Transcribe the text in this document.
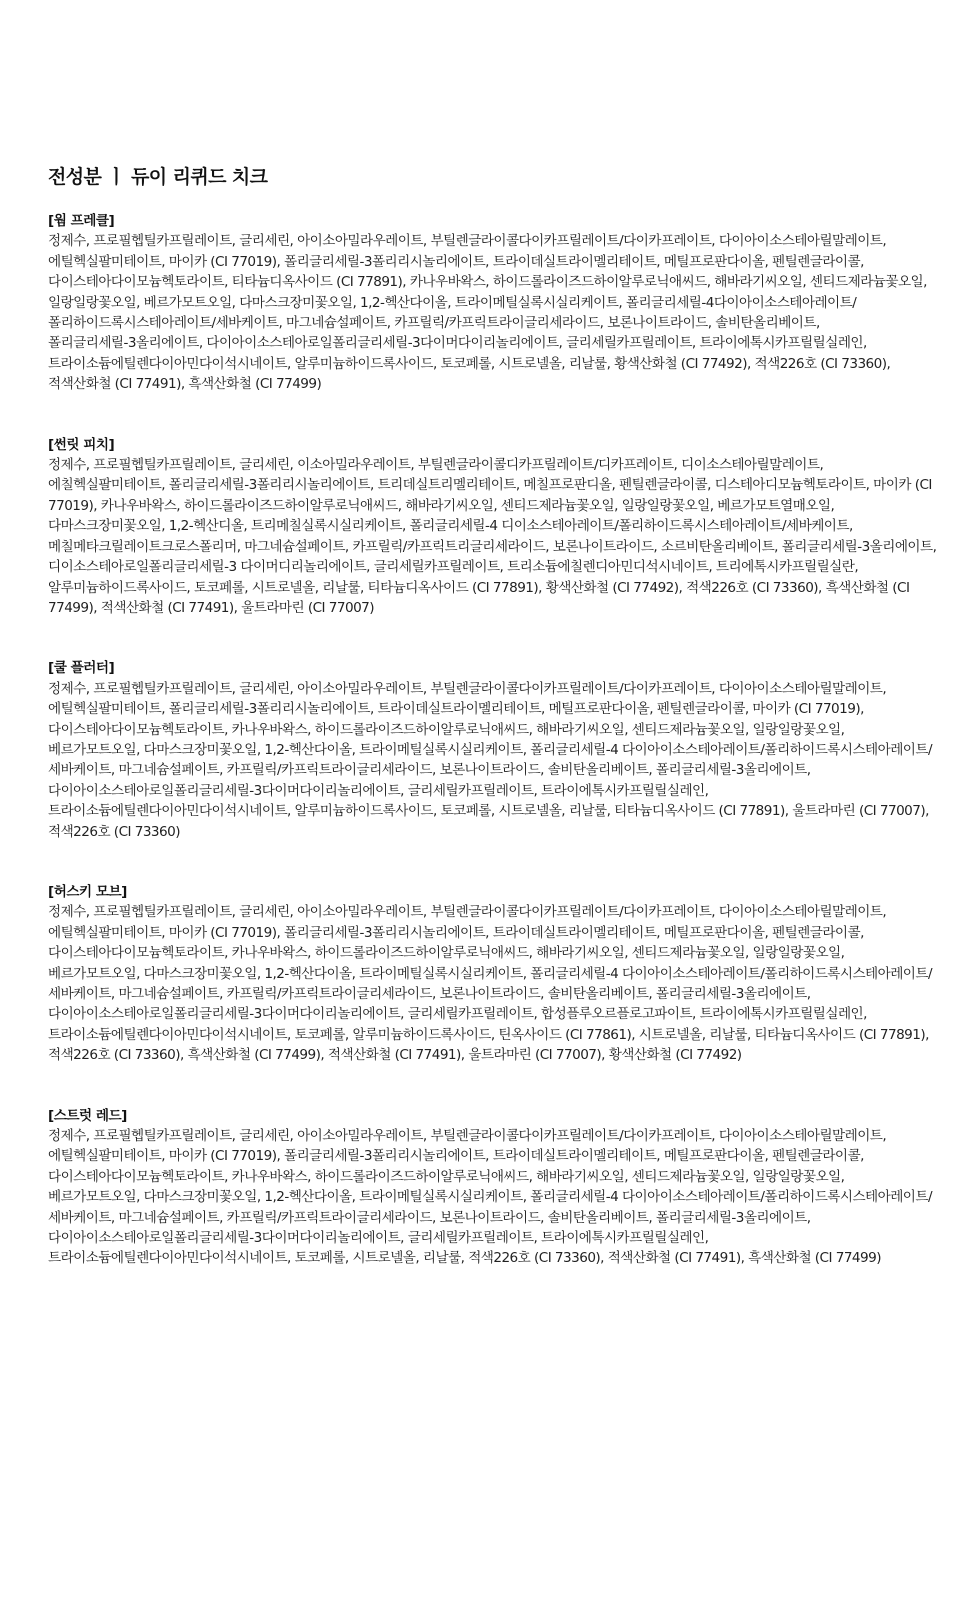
전성분 ㅣ 듀이 리퀴드 치크
[웜 프레클]
정제수, 프로필헵틸카프릴레이트, 글리세린, 아이소아밀라우레이트, 부틸렌글라이콜다이카프릴레이트/다이카프레이트, 다이아이소스테아릴말레이트, 에틸헥실팔미테이트, 마이카 (CI 77019), 폴리글리세릴-3폴리리시놀리에이트, 트라이데실트라이멜리테이트, 메틸프로판다이올, 펜틸렌글라이콜, 다이스테아다이모늄헥토라이트, 티타늄디옥사이드 (CI 77891), 카나우바왁스, 하이드롤라이즈드하이알루로닉애씨드, 해바라기씨오일, 센티드제라늄꽃오일, 일랑일랑꽃오일, 베르가모트오일, 다마스크장미꽃오일, 1,2-헥산다이올, 트라이메틸실록시실리케이트, 폴리글리세릴-4다이아이소스테아레이트/폴리하이드록시스테아레이트/세바케이트, 마그네슘설페이트, 카프릴릭/카프릭트라이글리세라이드, 보론나이트라이드, 솔비탄올리베이트, 폴리글리세릴-3올리에이트, 다이아이소스테아로일폴리글리세릴-3다이머다이리놀리에이트, 글리세릴카프릴레이트, 트라이에톡시카프릴릴실레인, 트라이소듐에틸렌다이아민다이석시네이트, 알루미늄하이드록사이드, 토코페롤, 시트로넬올, 리날룰, 황색산화철 (CI 77492), 적색226호 (CI 73360), 적색산화철 (CI 77491), 흑색산화철 (CI 77499)
[썬릿 피치]
정제수, 프로필헵틸카프릴레이트, 글리세린, 이소아밀라우레이트, 부틸렌글라이콜디카프릴레이트/디카프레이트, 디이소스테아릴말레이트, 에칠헥실팔미테이트, 폴리글리세릴-3폴리리시놀리에이트, 트리데실트리멜리테이트, 메칠프로판디올, 펜틸렌글라이콜, 디스테아디모늄헥토라이트, 마이카 (CI 77019), 카나우바왁스, 하이드롤라이즈드하이알루로닉애씨드, 해바라기씨오일, 센티드제라늄꽃오일, 일랑일랑꽃오일, 베르가모트열매오일, 다마스크장미꽃오일, 1,2-헥산디올, 트리메칠실록시실리케이트, 폴리글리세릴-4 디이소스테아레이트/폴리하이드록시스테아레이트/세바케이트, 메칠메타크릴레이트크로스폴리머, 마그네슘설페이트, 카프릴릭/카프릭트리글리세라이드, 보론나이트라이드, 소르비탄올리베이트, 폴리글리세릴-3올리에이트, 디이소스테아로일폴리글리세릴-3 다이머디리놀리에이트, 글리세릴카프릴레이트, 트리소듐에칠렌디아민디석시네이트, 트리에톡시카프릴릴실란, 알루미늄하이드록사이드, 토코페롤, 시트로넬올, 리날룰, 티타늄디옥사이드 (CI 77891), 황색산화철 (CI 77492), 적색226호 (CI 73360), 흑색산화철 (CI 77499), 적색산화철 (CI 77491), 울트라마린 (CI 77007)
[쿨 플러터]
정제수, 프로필헵틸카프릴레이트, 글리세린, 아이소아밀라우레이트, 부틸렌글라이콜다이카프릴레이트/다이카프레이트, 다이아이소스테아릴말레이트, 에틸헥실팔미테이트, 폴리글리세릴-3폴리리시놀리에이트, 트라이데실트라이멜리테이트, 메틸프로판다이올, 펜틸렌글라이콜, 마이카 (CI 77019), 다이스테아다이모늄헥토라이트, 카나우바왁스, 하이드롤라이즈드하이알루로닉애씨드, 해바라기씨오일, 센티드제라늄꽃오일, 일랑일랑꽃오일, 베르가모트오일, 다마스크장미꽃오일, 1,2-헥산다이올, 트라이메틸실록시실리케이트, 폴리글리세릴-4 다이아이소스테아레이트/폴리하이드록시스테아레이트/세바케이트, 마그네슘설페이트, 카프릴릭/카프릭트라이글리세라이드, 보론나이트라이드, 솔비탄올리베이트, 폴리글리세릴-3올리에이트, 다이아이소스테아로일폴리글리세릴-3다이머다이리놀리에이트, 글리세릴카프릴레이트, 트라이에톡시카프릴릴실레인, 트라이소듐에틸렌다이아민다이석시네이트, 알루미늄하이드록사이드, 토코페롤, 시트로넬올, 리날룰, 티타늄디옥사이드 (CI 77891), 울트라마린 (CI 77007), 적색226호 (CI 73360)
[허스키 모브]
정제수, 프로필헵틸카프릴레이트, 글리세린, 아이소아밀라우레이트, 부틸렌글라이콜다이카프릴레이트/다이카프레이트, 다이아이소스테아릴말레이트, 에틸헥실팔미테이트, 마이카 (CI 77019), 폴리글리세릴-3폴리리시놀리에이트, 트라이데실트라이멜리테이트, 메틸프로판다이올, 펜틸렌글라이콜, 다이스테아다이모늄헥토라이트, 카나우바왁스, 하이드롤라이즈드하이알루로닉애씨드, 해바라기씨오일, 센티드제라늄꽃오일, 일랑일랑꽃오일, 베르가모트오일, 다마스크장미꽃오일, 1,2-헥산다이올, 트라이메틸실록시실리케이트, 폴리글리세릴-4 다이아이소스테아레이트/폴리하이드록시스테아레이트/세바케이트, 마그네슘설페이트, 카프릴릭/카프릭트라이글리세라이드, 보론나이트라이드, 솔비탄올리베이트, 폴리글리세릴-3올리에이트, 다이아이소스테아로일폴리글리세릴-3다이머다이리놀리에이트, 글리세릴카프릴레이트, 합성플루오르플로고파이트, 트라이에톡시카프릴릴실레인, 트라이소듐에틸렌다이아민다이석시네이트, 토코페롤, 알루미늄하이드록사이드, 틴옥사이드 (CI 77861), 시트로넬올, 리날룰, 티타늄디옥사이드 (CI 77891), 적색226호 (CI 73360), 흑색산화철 (CI 77499), 적색산화철 (CI 77491), 울트라마린 (CI 77007), 황색산화철 (CI 77492)
[스트럿 레드]
정제수, 프로필헵틸카프릴레이트, 글리세린, 아이소아밀라우레이트, 부틸렌글라이콜다이카프릴레이트/다이카프레이트, 다이아이소스테아릴말레이트, 에틸헥실팔미테이트, 마이카 (CI 77019), 폴리글리세릴-3폴리리시놀리에이트, 트라이데실트라이멜리테이트, 메틸프로판다이올, 펜틸렌글라이콜, 다이스테아다이모늄헥토라이트, 카나우바왁스, 하이드롤라이즈드하이알루로닉애씨드, 해바라기씨오일, 센티드제라늄꽃오일, 일랑일랑꽃오일, 베르가모트오일, 다마스크장미꽃오일, 1,2-헥산다이올, 트라이메틸실록시실리케이트, 폴리글리세릴-4 다이아이소스테아레이트/폴리하이드록시스테아레이트/세바케이트, 마그네슘설페이트, 카프릴릭/카프릭트라이글리세라이드, 보론나이트라이드, 솔비탄올리베이트, 폴리글리세릴-3올리에이트, 다이아이소스테아로일폴리글리세릴-3다이머다이리놀리에이트, 글리세릴카프릴레이트, 트라이에톡시카프릴릴실레인, 트라이소듐에틸렌다이아민다이석시네이트, 토코페롤, 시트로넬올, 리날룰, 적색226호 (CI 73360), 적색산화철 (CI 77491), 흑색산화철 (CI 77499)
